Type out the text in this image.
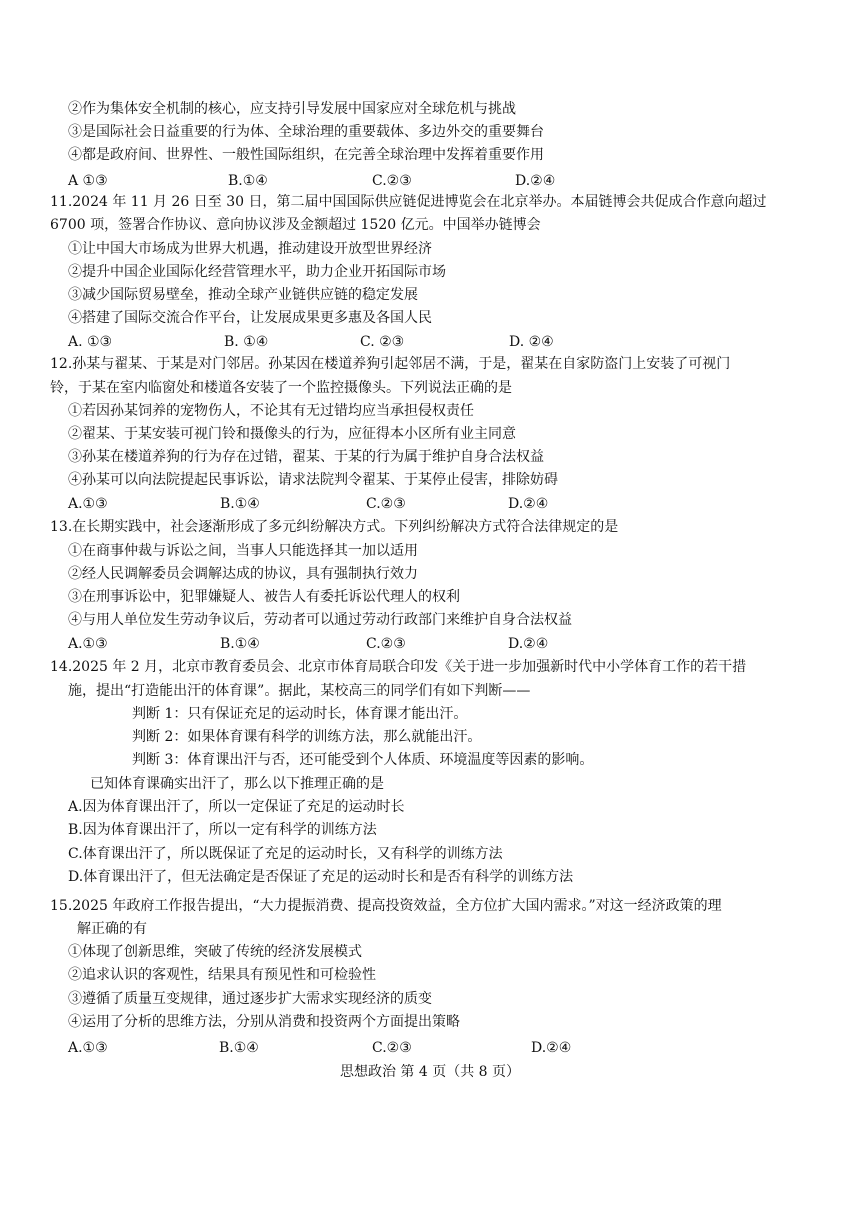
②作为集体安全机制的核心，应支持引导发展中国家应对全球危机与挑战
③是国际社会日益重要的行为体、全球治理的重要载体、多边外交的重要舞台
④都是政府间、世界性、一般性国际组织，在完善全球治理中发挥着重要作用
A ①③	B.①④	C.②③	D.②④
11.2024 年 11 月 26 日至 30 日，第二届中国国际供应链促进博览会在北京举办。本届链博会共促成合作意向超过
6700 项，签署合作协议、意向协议涉及金额超过 1520 亿元。中国举办链博会
①让中国大市场成为世界大机遇，推动建设开放型世界经济
②提升中国企业国际化经营管理水平，助力企业开拓国际市场
③减少国际贸易壁垒，推动全球产业链供应链的稳定发展
④搭建了国际交流合作平台，让发展成果更多惠及各国人民
A. ①③	B. ①④	C. ②③	D. ②④
12.孙某与翟某、于某是对门邻居。孙某因在楼道养狗引起邻居不满，于是，翟某在自家防盗门上安装了可视门
铃，于某在室内临窗处和楼道各安装了一个监控摄像头。下列说法正确的是
①若因孙某饲养的宠物伤人，不论其有无过错均应当承担侵权责任
②翟某、于某安装可视门铃和摄像头的行为，应征得本小区所有业主同意
③孙某在楼道养狗的行为存在过错，翟某、于某的行为属于维护自身合法权益
④孙某可以向法院提起民事诉讼，请求法院判令翟某、于某停止侵害，排除妨碍
A.①③	B.①④	C.②③	D.②④
13.在长期实践中，社会逐渐形成了多元纠纷解决方式。下列纠纷解决方式符合法律规定的是
①在商事仲裁与诉讼之间，当事人只能选择其一加以适用
②经人民调解委员会调解达成的协议，具有强制执行效力
③在刑事诉讼中，犯罪嫌疑人、被告人有委托诉讼代理人的权利
④与用人单位发生劳动争议后，劳动者可以通过劳动行政部门来维护自身合法权益
A.①③	B.①④	C.②③	D.②④
14.2025 年 2 月，北京市教育委员会、北京市体育局联合印发《关于进一步加强新时代中小学体育工作的若干措
施，提出“打造能出汗的体育课”。据此，某校高三的同学们有如下判断——
判断 1：只有保证充足的运动时长，体育课才能出汗。
判断 2：如果体育课有科学的训练方法，那么就能出汗。
判断 3：体育课出汗与否，还可能受到个人体质、环境温度等因素的影响。
已知体育课确实出汗了，那么以下推理正确的是
A.因为体育课出汗了，所以一定保证了充足的运动时长
B.因为体育课出汗了，所以一定有科学的训练方法
C.体育课出汗了，所以既保证了充足的运动时长，又有科学的训练方法
D.体育课出汗了，但无法确定是否保证了充足的运动时长和是否有科学的训练方法
15.2025 年政府工作报告提出，“大力提振消费、提高投资效益，全方位扩大国内需求。”对这一经济政策的理
解正确的有
①体现了创新思维，突破了传统的经济发展模式
②追求认识的客观性，结果具有预见性和可检验性
③遵循了质量互变规律，通过逐步扩大需求实现经济的质变
④运用了分析的思维方法，分别从消费和投资两个方面提出策略
A.①③	B.①④	C.②③	D.②④
思想政治 第 4 页（共 8 页）
